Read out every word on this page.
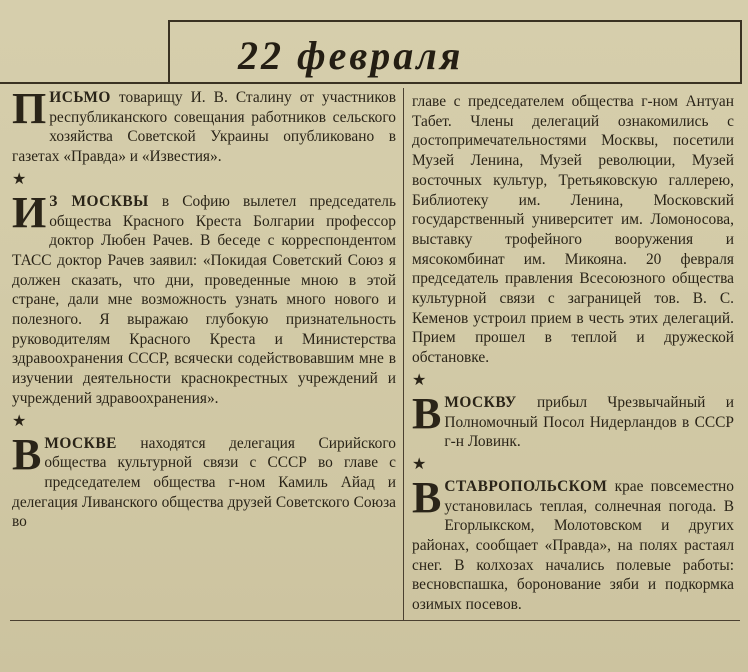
22 февраля

ПИСЬМО товарищу И. В. Сталину от участников республиканского совещания работников сельского хозяйства Советской Украины опубликовано в газетах «Правда» и «Известия».

★

И З МОСКВЫ в Софию вылетел председатель общества Красного Креста Болгарии профессор доктор Любен Рачев. В беседе с корреспондентом ТАСС доктор Рачев заявил: «Покидая Советский Союз я должен сказать, что дни, проведенные мною в этой стране, дали мне возможность узнать много нового и полезного. Я выражаю глубокую признательность руководителям Красного Креста и Министерства здравоохранения СССР, всячески содействовавшим мне в изучении деятельности краснокрестных учреждений и учреждений здравоохранения».

★

В МОСКВЕ находятся делегация Сирийского общества культурной связи с СССР во главе с председателем общества г-ном Камиль Айад и делегация Ливанского общества друзей Советского Союза во

главе с председателем общества г-ном Антуан Табет. Члены делегаций ознакомились с достопримечательностями Москвы, посетили Музей Ленина, Музей революции, Музей восточных культур, Третьяковскую галлерею, Библиотеку им. Ленина, Московский государственный университет им. Ломоносова, выставку трофейного вооружения и мясокомбинат им. Микояна. 20 февраля председатель правления Всесоюзного общества культурной связи с заграницей тов. В. С. Кеменов устроил прием в честь этих делегаций. Прием прошел в теплой и дружеской обстановке.

★

В МОСКВУ прибыл Чрезвычайный и Полномочный Посол Нидерландов в СССР г-н Ловинк.

★

В СТАВРОПОЛЬСКОМ крае повсеместно установилась теплая, солнечная погода. В Егорлыкском, Молотовском и других районах, сообщает «Правда», на полях растаял снег. В колхозах начались полевые работы: весновспашка, боронование зяби и подкормка озимых посевов.
